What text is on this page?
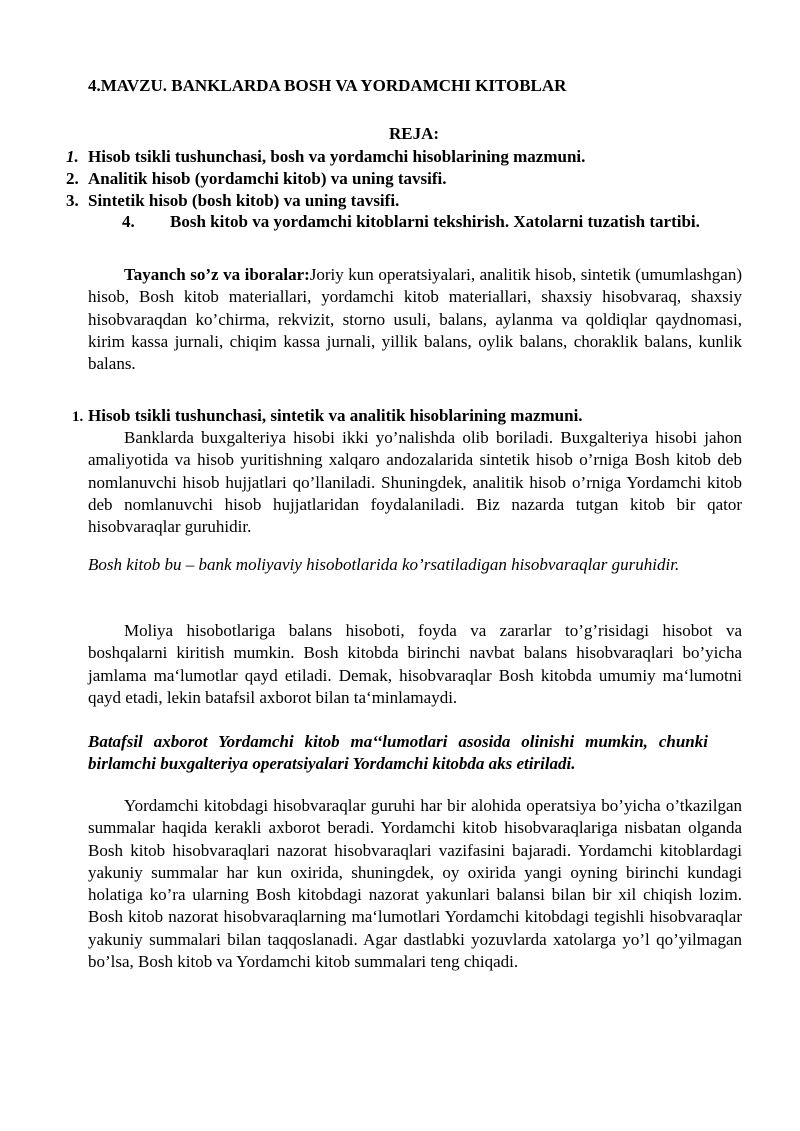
4.MAVZU. BANKLARDA BOSH VA YORDAMCHI KITOBLAR
REJA:
1. Hisob tsikli tushunchasi, bosh va yordamchi hisoblarining mazmuni.
2. Analitik hisob (yordamchi kitob) va uning tavsifi.
3. Sintetik hisob (bosh kitob) va uning tavsifi.
4. Bosh kitob va yordamchi kitoblarni tekshirish. Xatolarni tuzatish tartibi.

Tayanch so’z va iboralar:Joriy kun operatsiyalari, analitik hisob, sintetik (umumlashgan) hisob, Bosh kitob materiallari, yordamchi kitob materiallari, shaxsiy hisobvaraq, shaxsiy hisobvaraqdan ko’chirma, rekvizit, storno usuli, balans, aylanma va qoldiqlar qaydnomasi, kirim kassa jurnali, chiqim kassa jurnali, yillik balans, oylik balans, choraklik balans, kunlik balans.

1. Hisob tsikli tushunchasi, sintetik va analitik hisoblarining mazmuni.

Banklarda buxgalteriya hisobi ikki yo’nalishda olib boriladi. Buxgalteriya hisobi jahon amaliyotida va hisob yuritishning xalqaro andozalarida sintetik hisob o’rniga Bosh kitob deb nomlanuvchi hisob hujjatlari qo’llaniladi. Shuningdek, analitik hisob o’rniga Yordamchi kitob deb nomlanuvchi hisob hujjatlaridan foydalaniladi. Biz nazarda tutgan kitob bir qator hisobvaraqlar guruhidir.

Bosh kitob bu – bank moliyaviy hisobotlarida ko’rsatiladigan hisobvaraqlar guruhidir.

Moliya hisobotlariga balans hisoboti, foyda va zararlar to’g’risidagi hisobot va boshqalarni kiritish mumkin. Bosh kitobda birinchi navbat balans hisobvaraqlari bo’yicha jamlama ma‘lumotlar qayd etiladi. Demak, hisobvaraqlar Bosh kitobda umumiy ma‘lumotni qayd etadi, lekin batafsil axborot bilan ta‘minlamaydi.

Batafsil axborot Yordamchi kitob ma‘‘lumotlari asosida olinishi mumkin, chunki birlamchi buxgalteriya operatsiyalari Yordamchi kitobda aks etiriladi.

Yordamchi kitobdagi hisobvaraqlar guruhi har bir alohida operatsiya bo’yicha o’tkazilgan summalar haqida kerakli axborot beradi. Yordamchi kitob hisobvaraqlariga nisbatan olganda Bosh kitob hisobvaraqlari nazorat hisobvaraqlari vazifasini bajaradi. Yordamchi kitoblardagi yakuniy summalar har kun oxirida, shuningdek, oy oxirida yangi oyning birinchi kundagi holatiga ko’ra ularning Bosh kitobdagi nazorat yakunlari balansi bilan bir xil chiqish lozim. Bosh kitob nazorat hisobvaraqlarning ma‘lumotlari Yordamchi kitobdagi tegishli hisobvaraqlar yakuniy summalari bilan taqqoslanadi. Agar dastlabki yozuvlarda xatolarga yo’l qo’yilmagan bo’lsa, Bosh kitob va Yordamchi kitob summalari teng chiqadi.
